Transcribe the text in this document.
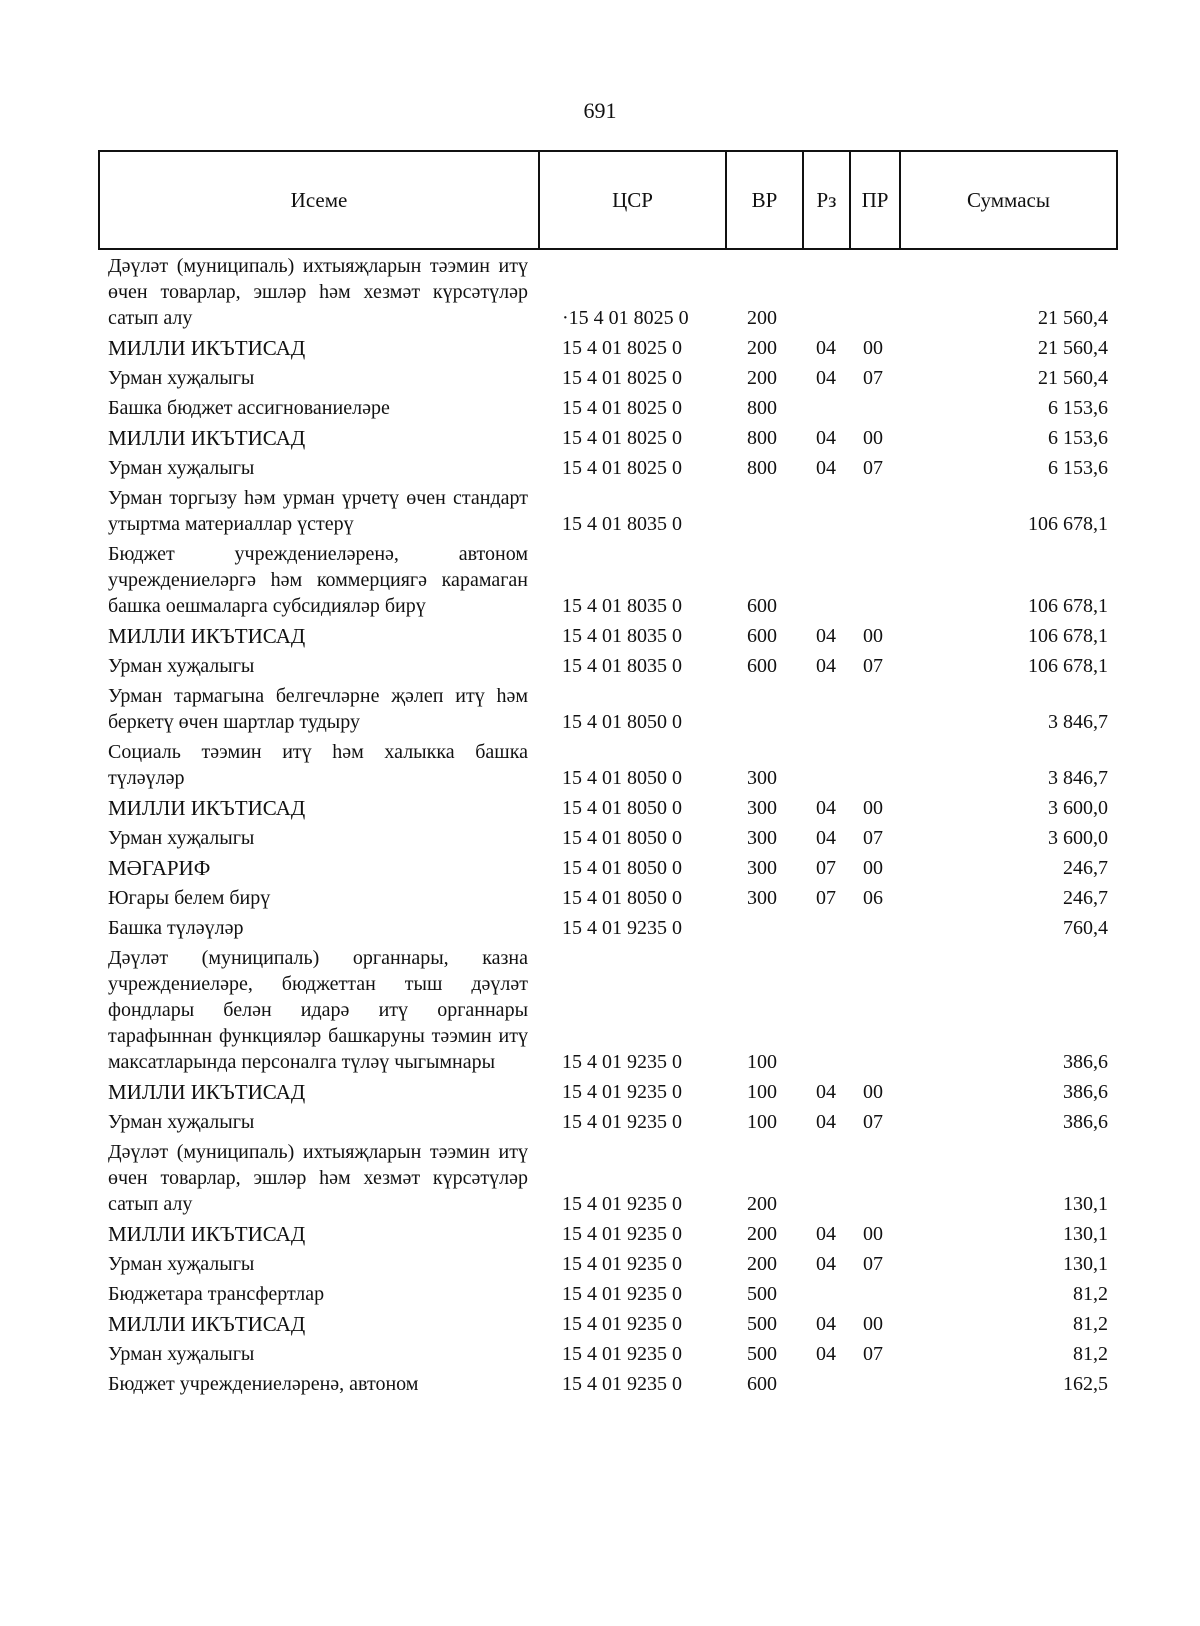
691
Исеме	ЦСР	ВР	Рз	ПР	Суммасы
Дәүләт (муниципаль) ихтыяҗларын тәэмин итү өчен товарлар, эшләр һәм хезмәт күрсәтүләр сатып алу	·15 4 01 8025 0	200			21 560,4
МИЛЛИ ИКЪТИСАД	15 4 01 8025 0	200	04	00	21 560,4
Урман хуҗалыгы	15 4 01 8025 0	200	04	07	21 560,4
Башка бюджет ассигнованиеләре	15 4 01 8025 0	800			6 153,6
МИЛЛИ ИКЪТИСАД	15 4 01 8025 0	800	04	00	6 153,6
Урман хуҗалыгы	15 4 01 8025 0	800	04	07	6 153,6
Урман торгызу һәм урман үрчетү өчен стандарт утыртма материаллар үстерү	15 4 01 8035 0				106 678,1
Бюджет учреждениеләренә, автоном учреждениеләргә һәм коммерциягә карамаган башка оешмаларга субсидияләр бирү	15 4 01 8035 0	600			106 678,1
МИЛЛИ ИКЪТИСАД	15 4 01 8035 0	600	04	00	106 678,1
Урман хуҗалыгы	15 4 01 8035 0	600	04	07	106 678,1
Урман тармагына белгечләрне җәлеп итү һәм беркетү өчен шартлар тудыру	15 4 01 8050 0				3 846,7
Социаль тәэмин итү һәм халыкка башка түләүләр	15 4 01 8050 0	300			3 846,7
МИЛЛИ ИКЪТИСАД	15 4 01 8050 0	300	04	00	3 600,0
Урман хуҗалыгы	15 4 01 8050 0	300	04	07	3 600,0
МӘГАРИФ	15 4 01 8050 0	300	07	00	246,7
Югары белем бирү	15 4 01 8050 0	300	07	06	246,7
Башка түләүләр	15 4 01 9235 0				760,4
Дәүләт (муниципаль) органнары, казна учреждениеләре, бюджеттан тыш дәүләт фондлары белән идарә итү органнары тарафыннан функцияләр башкаруны тәэмин итү максатларында персоналга түләү чыгымнары	15 4 01 9235 0	100			386,6
МИЛЛИ ИКЪТИСАД	15 4 01 9235 0	100	04	00	386,6
Урман хуҗалыгы	15 4 01 9235 0	100	04	07	386,6
Дәүләт (муниципаль) ихтыяҗларын тәэмин итү өчен товарлар, эшләр һәм хезмәт күрсәтүләр сатып алу	15 4 01 9235 0	200			130,1
МИЛЛИ ИКЪТИСАД	15 4 01 9235 0	200	04	00	130,1
Урман хуҗалыгы	15 4 01 9235 0	200	04	07	130,1
Бюджетара трансфертлар	15 4 01 9235 0	500			81,2
МИЛЛИ ИКЪТИСАД	15 4 01 9235 0	500	04	00	81,2
Урман хуҗалыгы	15 4 01 9235 0	500	04	07	81,2
Бюджет учреждениеләренә, автоном	15 4 01 9235 0	600			162,5
